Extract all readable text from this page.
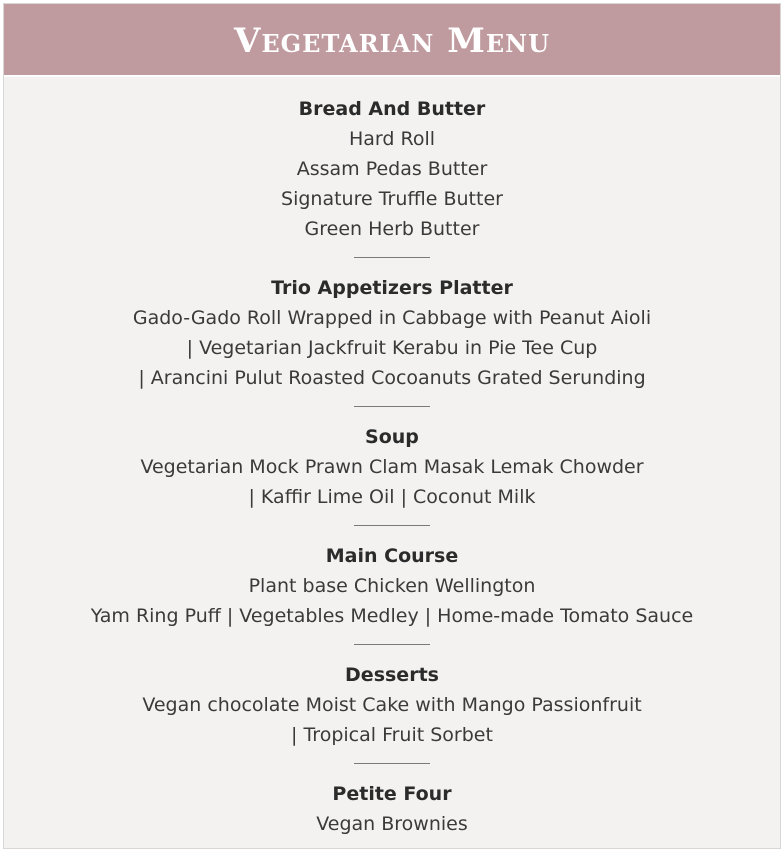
Vegetarian Menu
Bread And Butter
Hard Roll
Assam Pedas Butter
Signature Truffle Butter
Green Herb Butter
Trio Appetizers Platter
Gado-Gado Roll Wrapped in Cabbage with Peanut Aioli
| Vegetarian Jackfruit Kerabu in Pie Tee Cup
| Arancini Pulut Roasted Cocoanuts Grated Serunding
Soup
Vegetarian Mock Prawn Clam Masak Lemak Chowder
| Kaffir Lime Oil | Coconut Milk
Main Course
Plant base Chicken Wellington
Yam Ring Puff | Vegetables Medley | Home-made Tomato Sauce
Desserts
Vegan chocolate Moist Cake with Mango Passionfruit
| Tropical Fruit Sorbet
Petite Four
Vegan Brownies
